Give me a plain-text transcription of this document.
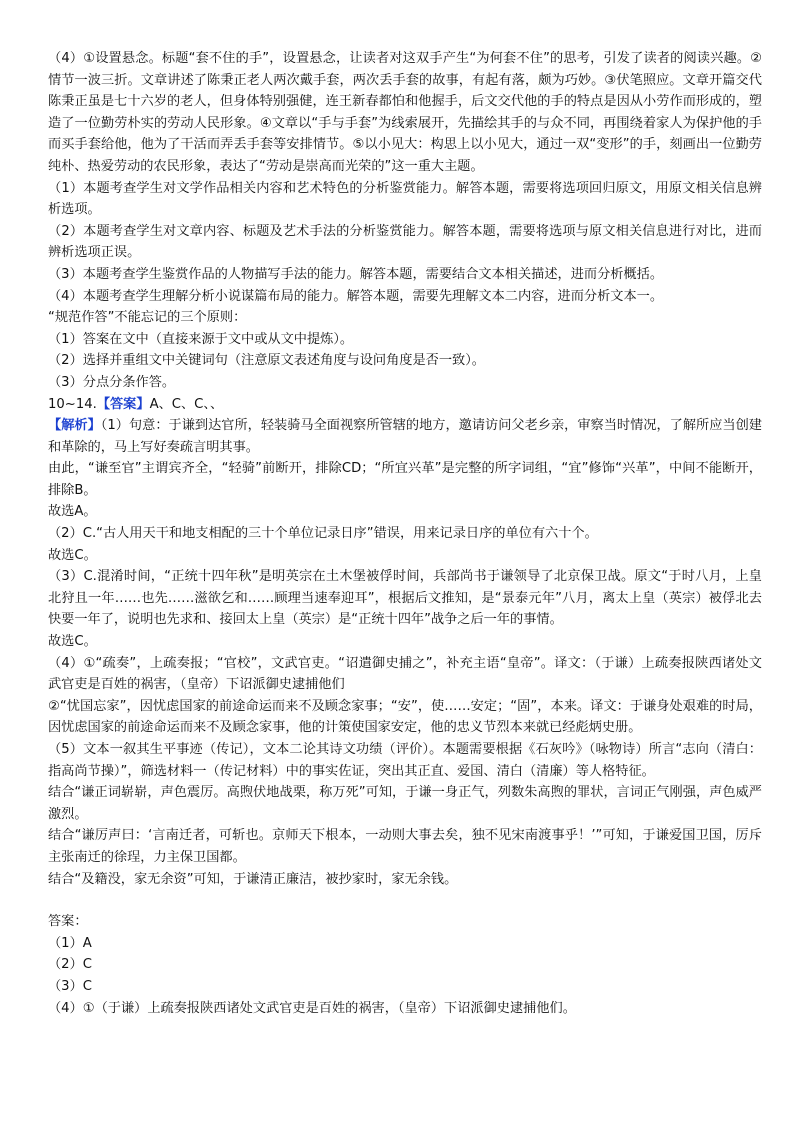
（4）①设置悬念。标题“套不住的手”，设置悬念，让读者对这双手产生“为何套不住”的思考，引发了读者的阅读兴趣。②情节一波三折。文章讲述了陈秉正老人两次戴手套，两次丢手套的故事，有起有落，颇为巧妙。③伏笔照应。文章开篇交代陈秉正虽是七十六岁的老人，但身体特别强健，连王新春都怕和他握手，后文交代他的手的特点是因从小劳作而形成的，塑造了一位勤劳朴实的劳动人民形象。④文章以“手与手套”为线索展开，先描绘其手的与众不同，再围绕着家人为保护他的手而买手套给他，他为了干活而弄丢手套等安排情节。⑤以小见大：构思上以小见大，通过一双“变形”的手，刻画出一位勤劳纯朴、热爱劳动的农民形象，表达了“劳动是崇高而光荣的”这一重大主题。

（1）本题考查学生对文学作品相关内容和艺术特色的分析鉴赏能力。解答本题，需要将选项回归原文，用原文相关信息辨析选项。

（2）本题考查学生对文章内容、标题及艺术手法的分析鉴赏能力。解答本题，需要将选项与原文相关信息进行对比，进而辨析选项正误。

（3）本题考查学生鉴赏作品的人物描写手法的能力。解答本题，需要结合文本相关描述，进而分析概括。

（4）本题考查学生理解分析小说谋篇布局的能力。解答本题，需要先理解文本二内容，进而分析文本一。

“规范作答”不能忘记的三个原则：

（1）答案在文中（直接来源于文中或从文中提炼）。

（2）选择并重组文中关键词句（注意原文表述角度与设问角度是否一致）。

（3）分点分条作答。

10~14.【答案】A、C、C、、

【解析】（1）句意：于谦到达官所，轻装骑马全面视察所管辖的地方，邀请访问父老乡亲，审察当时情况，了解所应当创建和革除的，马上写好奏疏言明其事。

由此，“谦至官”主谓宾齐全，“轻骑”前断开，排除CD；“所宜兴革”是完整的所字词组，“宜”修饰“兴革”，中间不能断开，排除B。

故选A。

（2）C.“古人用天干和地支相配的三十个单位记录日序”错误，用来记录日序的单位有六十个。

故选C。

（3）C.混淆时间，“正统十四年秋”是明英宗在土木堡被俘时间，兵部尚书于谦领导了北京保卫战。原文“于时八月，上皇北狩且一年……也先……滋欲乞和……顾理当速奉迎耳”，根据后文推知，是“景泰元年”八月，离太上皇（英宗）被俘北去快要一年了，说明也先求和、接回太上皇（英宗）是“正统十四年”战争之后一年的事情。

故选C。

（4）①“疏奏”，上疏奏报；“官校”，文武官吏。“诏遣御史捕之”，补充主语“皇帝”。译文：（于谦）上疏奏报陕西诸处文武官吏是百姓的祸害，（皇帝）下诏派御史逮捕他们

②“忧国忘家”，因忧虑国家的前途命运而来不及顾念家事；“安”，使……安定；“固”，本来。译文：于谦身处艰难的时局，因忧虑国家的前途命运而来不及顾念家事，他的计策使国家安定，他的忠义节烈本来就已经彪炳史册。

（5）文本一叙其生平事迹（传记），文本二论其诗文功绩（评价）。本题需要根据《石灰吟》（咏物诗）所言“志向（清白：指高尚节操）”，筛选材料一（传记材料）中的事实佐证，突出其正直、爱国、清白（清廉）等人格特征。

结合“谦正词崭崭，声色震厉。高煦伏地战栗，称万死”可知，于谦一身正气，列数朱高煦的罪状，言词正气刚强，声色威严激烈。

结合“谦厉声曰：‘言南迁者，可斩也。京师天下根本，一动则大事去矣，独不见宋南渡事乎！’”可知，于谦爱国卫国，厉斥主张南迁的徐珵，力主保卫国都。

结合“及籍没，家无余资”可知，于谦清正廉洁，被抄家时，家无余钱。

答案：

（1）A

（2）C

（3）C

（4）①（于谦）上疏奏报陕西诸处文武官吏是百姓的祸害，（皇帝）下诏派御史逮捕他们。
